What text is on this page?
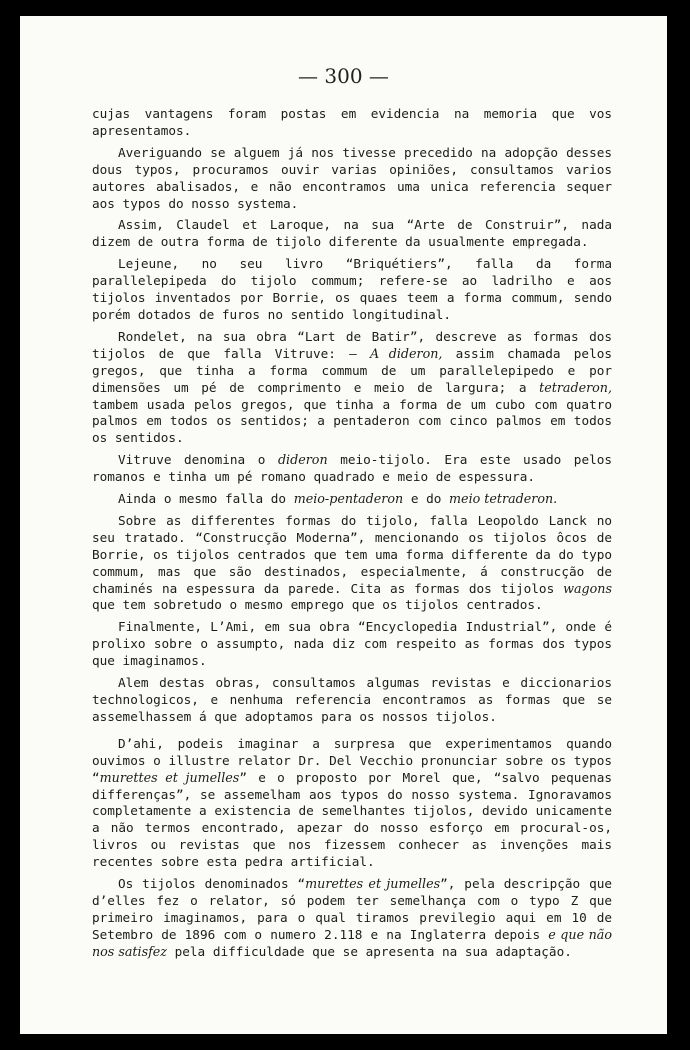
— 300 —

cujas vantagens foram postas em evidencia na memoria que vos apresentamos.

Averiguando se alguem já nos tivesse precedido na adopção desses dous typos, procuramos ouvir varias opiniões, consultamos varios autores abalisados, e não encontramos uma unica referencia sequer aos typos do nosso systema.

Assim, Claudel et Laroque, na sua “Arte de Construir”, nada dizem de outra forma de tijolo diferente da usualmente empregada.

Lejeune, no seu livro “Briquétiers”, falla da forma parallelepipeda do tijolo commum; refere-se ao ladrilho e aos tijolos inventados por Borrie, os quaes teem a forma commum, sendo porém dotados de furos no sentido longitudinal.

Rondelet, na sua obra “Lart de Batir”, descreve as formas dos tijolos de que falla Vitruve: — A dideron, assim chamada pelos gregos, que tinha a forma commum de um parallelepipedo e por dimensões um pé de comprimento e meio de largura; a tetraderon, tambem usada pelos gregos, que tinha a forma de um cubo com quatro palmos em todos os sentidos; a pentaderon com cinco palmos em todos os sentidos.

Vitruve denomina o dideron meio-tijolo. Era este usado pelos romanos e tinha um pé romano quadrado e meio de espessura.

Ainda o mesmo falla do meio-pentaderon e do meio tetraderon.

Sobre as differentes formas do tijolo, falla Leopoldo Lanck no seu tratado. “Construcção Moderna”, mencionando os tijolos ôcos de Borrie, os tijolos centrados que tem uma forma differente da do typo commum, mas que são destinados, especialmente, á construcção de chaminés na espessura da parede. Cita as formas dos tijolos wagons que tem sobretudo o mesmo emprego que os tijolos centrados.

Finalmente, L’Ami, em sua obra “Encyclopedia Industrial”, onde é prolixo sobre o assumpto, nada diz com respeito as formas dos typos que imaginamos.

Alem destas obras, consultamos algumas revistas e diccionarios technologicos, e nenhuma referencia encontramos as formas que se assemelhassem á que adoptamos para os nossos tijolos.

D’ahi, podeis imaginar a surpresa que experimentamos quando ouvimos o illustre relator Dr. Del Vecchio pronunciar sobre os typos “murettes et jumelles” e o proposto por Morel que, “salvo pequenas differenças”, se assemelham aos typos do nosso systema. Ignoravamos completamente a existencia de semelhantes tijolos, devido unicamente a não termos encontrado, apezar do nosso esforço em procural-os, livros ou revistas que nos fizessem conhecer as invenções mais recentes sobre esta pedra artificial.

Os tijolos denominados “murettes et jumelles”, pela descripção que d’elles fez o relator, só podem ter semelhança com o typo Z que primeiro imaginamos, para o qual tiramos previlegio aqui em 10 de Setembro de 1896 com o numero 2.118 e na Inglaterra depois e que não nos satisfez pela difficuldade que se apresenta na sua adaptação.
